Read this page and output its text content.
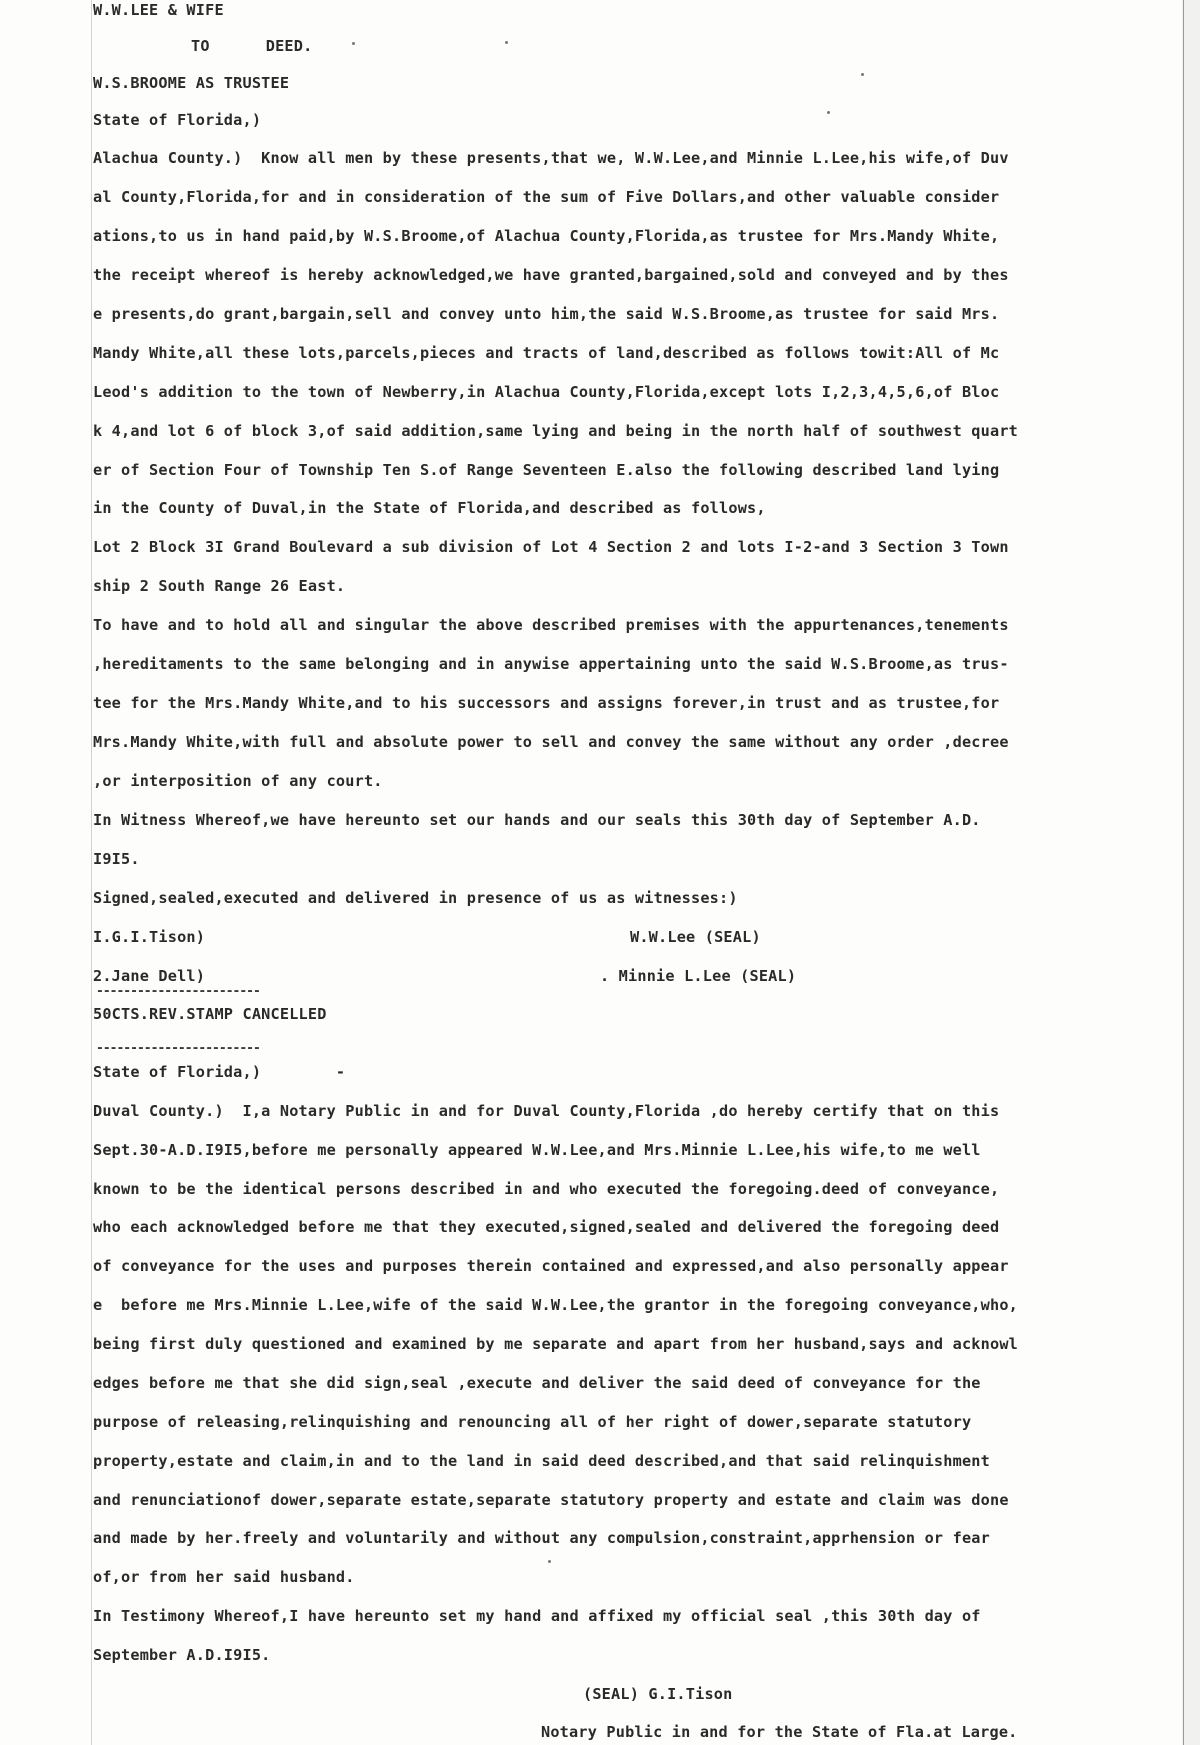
W.W.LEE & WIFE

TO      DEED.

W.S.BROOME AS TRUSTEE

State of Florida,)

Alachua County.)  Know all men by these presents,that we, W.W.Lee,and Minnie L.Lee,his wife,of Duv

al County,Florida,for and in consideration of the sum of Five Dollars,and other valuable consider

ations,to us in hand paid,by W.S.Broome,of Alachua County,Florida,as trustee for Mrs.Mandy White,

the receipt whereof is hereby acknowledged,we have granted,bargained,sold and conveyed and by thes

e presents,do grant,bargain,sell and convey unto him,the said W.S.Broome,as trustee for said Mrs.

Mandy White,all these lots,parcels,pieces and tracts of land,described as follows towit:All of Mc

Leod's addition to the town of Newberry,in Alachua County,Florida,except lots I,2,3,4,5,6,of Bloc

k 4,and lot 6 of block 3,of said addition,same lying and being in the north half of southwest quart

er of Section Four of Township Ten S.of Range Seventeen E.also the following described land lying

in the County of Duval,in the State of Florida,and described as follows,

Lot 2 Block 3I Grand Boulevard a sub division of Lot 4 Section 2 and lots I-2-and 3 Section 3 Town

ship 2 South Range 26 East.

To have and to hold all and singular the above described premises with the appurtenances,tenements

,hereditaments to the same belonging and in anywise appertaining unto the said W.S.Broome,as trus-

tee for the Mrs.Mandy White,and to his successors and assigns forever,in trust and as trustee,for

Mrs.Mandy White,with full and absolute power to sell and convey the same without any order ,decree

,or interposition of any court.

In Witness Whereof,we have hereunto set our hands and our seals this 30th day of September A.D.

I9I5.

Signed,sealed,executed and delivered in presence of us as witnesses:)

I.G.I.Tison)	W.W.Lee (SEAL)

2.Jane Dell)	. Minnie L.Lee (SEAL)

------------------------

50CTS.REV.STAMP CANCELLED

------------------------

State of Florida,)        -

Duval County.)  I,a Notary Public in and for Duval County,Florida ,do hereby certify that on this

Sept.30-A.D.I9I5,before me personally appeared W.W.Lee,and Mrs.Minnie L.Lee,his wife,to me well

known to be the identical persons described in and who executed the foregoing.deed of conveyance,

who each acknowledged before me that they executed,signed,sealed and delivered the foregoing deed

of conveyance for the uses and purposes therein contained and expressed,and also personally appear

e  before me Mrs.Minnie L.Lee,wife of the said W.W.Lee,the grantor in the foregoing conveyance,who,

being first duly questioned and examined by me separate and apart from her husband,says and acknowl

edges before me that she did sign,seal ,execute and deliver the said deed of conveyance for the

purpose of releasing,relinquishing and renouncing all of her right of dower,separate statutory

property,estate and claim,in and to the land in said deed described,and that said relinquishment

and renunciationof dower,separate estate,separate statutory property and estate and claim was done

and made by her.freely and voluntarily and without any compulsion,constraint,apprhension or fear

of,or from her said husband.

In Testimony Whereof,I have hereunto set my hand and affixed my official seal ,this 30th day of

September A.D.I9I5.

(SEAL) G.I.Tison

Notary Public in and for the State of Fla.at Large.
